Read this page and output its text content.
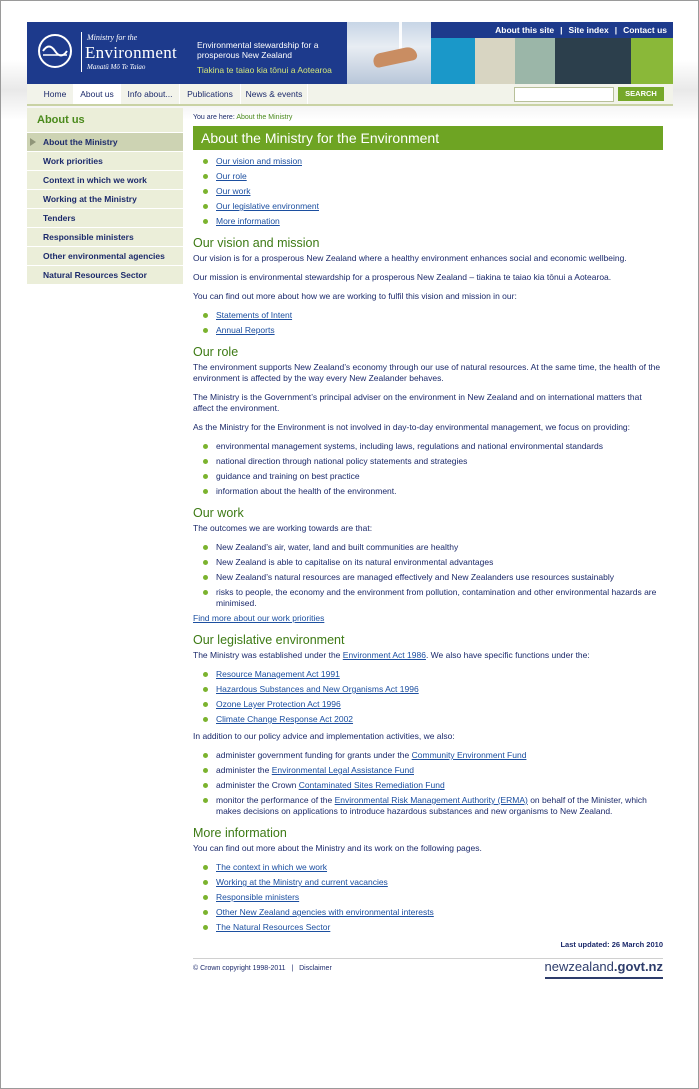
Ministry for the
Environment
Manatū Mō Te Taiao
Environmental stewardship for a prosperous New Zealand
Tiakina te taiao kia tōnui a Aotearoa
About this site | Site index | Contact us
Home	About us	Info about...	Publications	News & events	SEARCH
About us
About the Ministry
Work priorities
Context in which we work
Working at the Ministry
Tenders
Responsible ministers
Other environmental agencies
Natural Resources Sector
You are here: About the Ministry
About the Ministry for the Environment
Our vision and mission
Our role
Our work
Our legislative environment
More information
Our vision and mission

Our vision is for a prosperous New Zealand where a healthy environment enhances social and economic wellbeing.

Our mission is environmental stewardship for a prosperous New Zealand – tiakina te taiao kia tōnui a Aotearoa.

You can find out more about how we are working to fulfil this vision and mission in our:

Statements of Intent
Annual Reports
Our role

The environment supports New Zealand’s economy through our use of natural resources. At the same time, the health of the environment is affected by the way every New Zealander behaves.

The Ministry is the Government’s principal adviser on the environment in New Zealand and on international matters that affect the environment.

As the Ministry for the Environment is not involved in day-to-day environmental management, we focus on providing:

environmental management systems, including laws, regulations and national environmental standards
national direction through national policy statements and strategies
guidance and training on best practice
information about the health of the environment.
Our work

The outcomes we are working towards are that:

New Zealand’s air, water, land and built communities are healthy
New Zealand is able to capitalise on its natural environmental advantages
New Zealand’s natural resources are managed effectively and New Zealanders use resources sustainably
risks to people, the economy and the environment from pollution, contamination and other environmental hazards are minimised.

Find more about our work priorities

Our legislative environment

The Ministry was established under the Environment Act 1986. We also have specific functions under the:

Resource Management Act 1991
Hazardous Substances and New Organisms Act 1996
Ozone Layer Protection Act 1996
Climate Change Response Act 2002

In addition to our policy advice and implementation activities, we also:

administer government funding for grants under the Community Environment Fund
administer the Environmental Legal Assistance Fund
administer the Crown Contaminated Sites Remediation Fund
monitor the performance of the Environmental Risk Management Authority (ERMA) on behalf of the Minister, which makes decisions on applications to introduce hazardous substances and new organisms to New Zealand.
More information

You can find out more about the Ministry and its work on the following pages.

The context in which we work
Working at the Ministry and current vacancies
Responsible ministers
Other New Zealand agencies with environmental interests
The Natural Resources Sector
Last updated: 26 March 2010
© Crown copyright 1998-2011 | Disclaimer	newzealand.govt.nz
